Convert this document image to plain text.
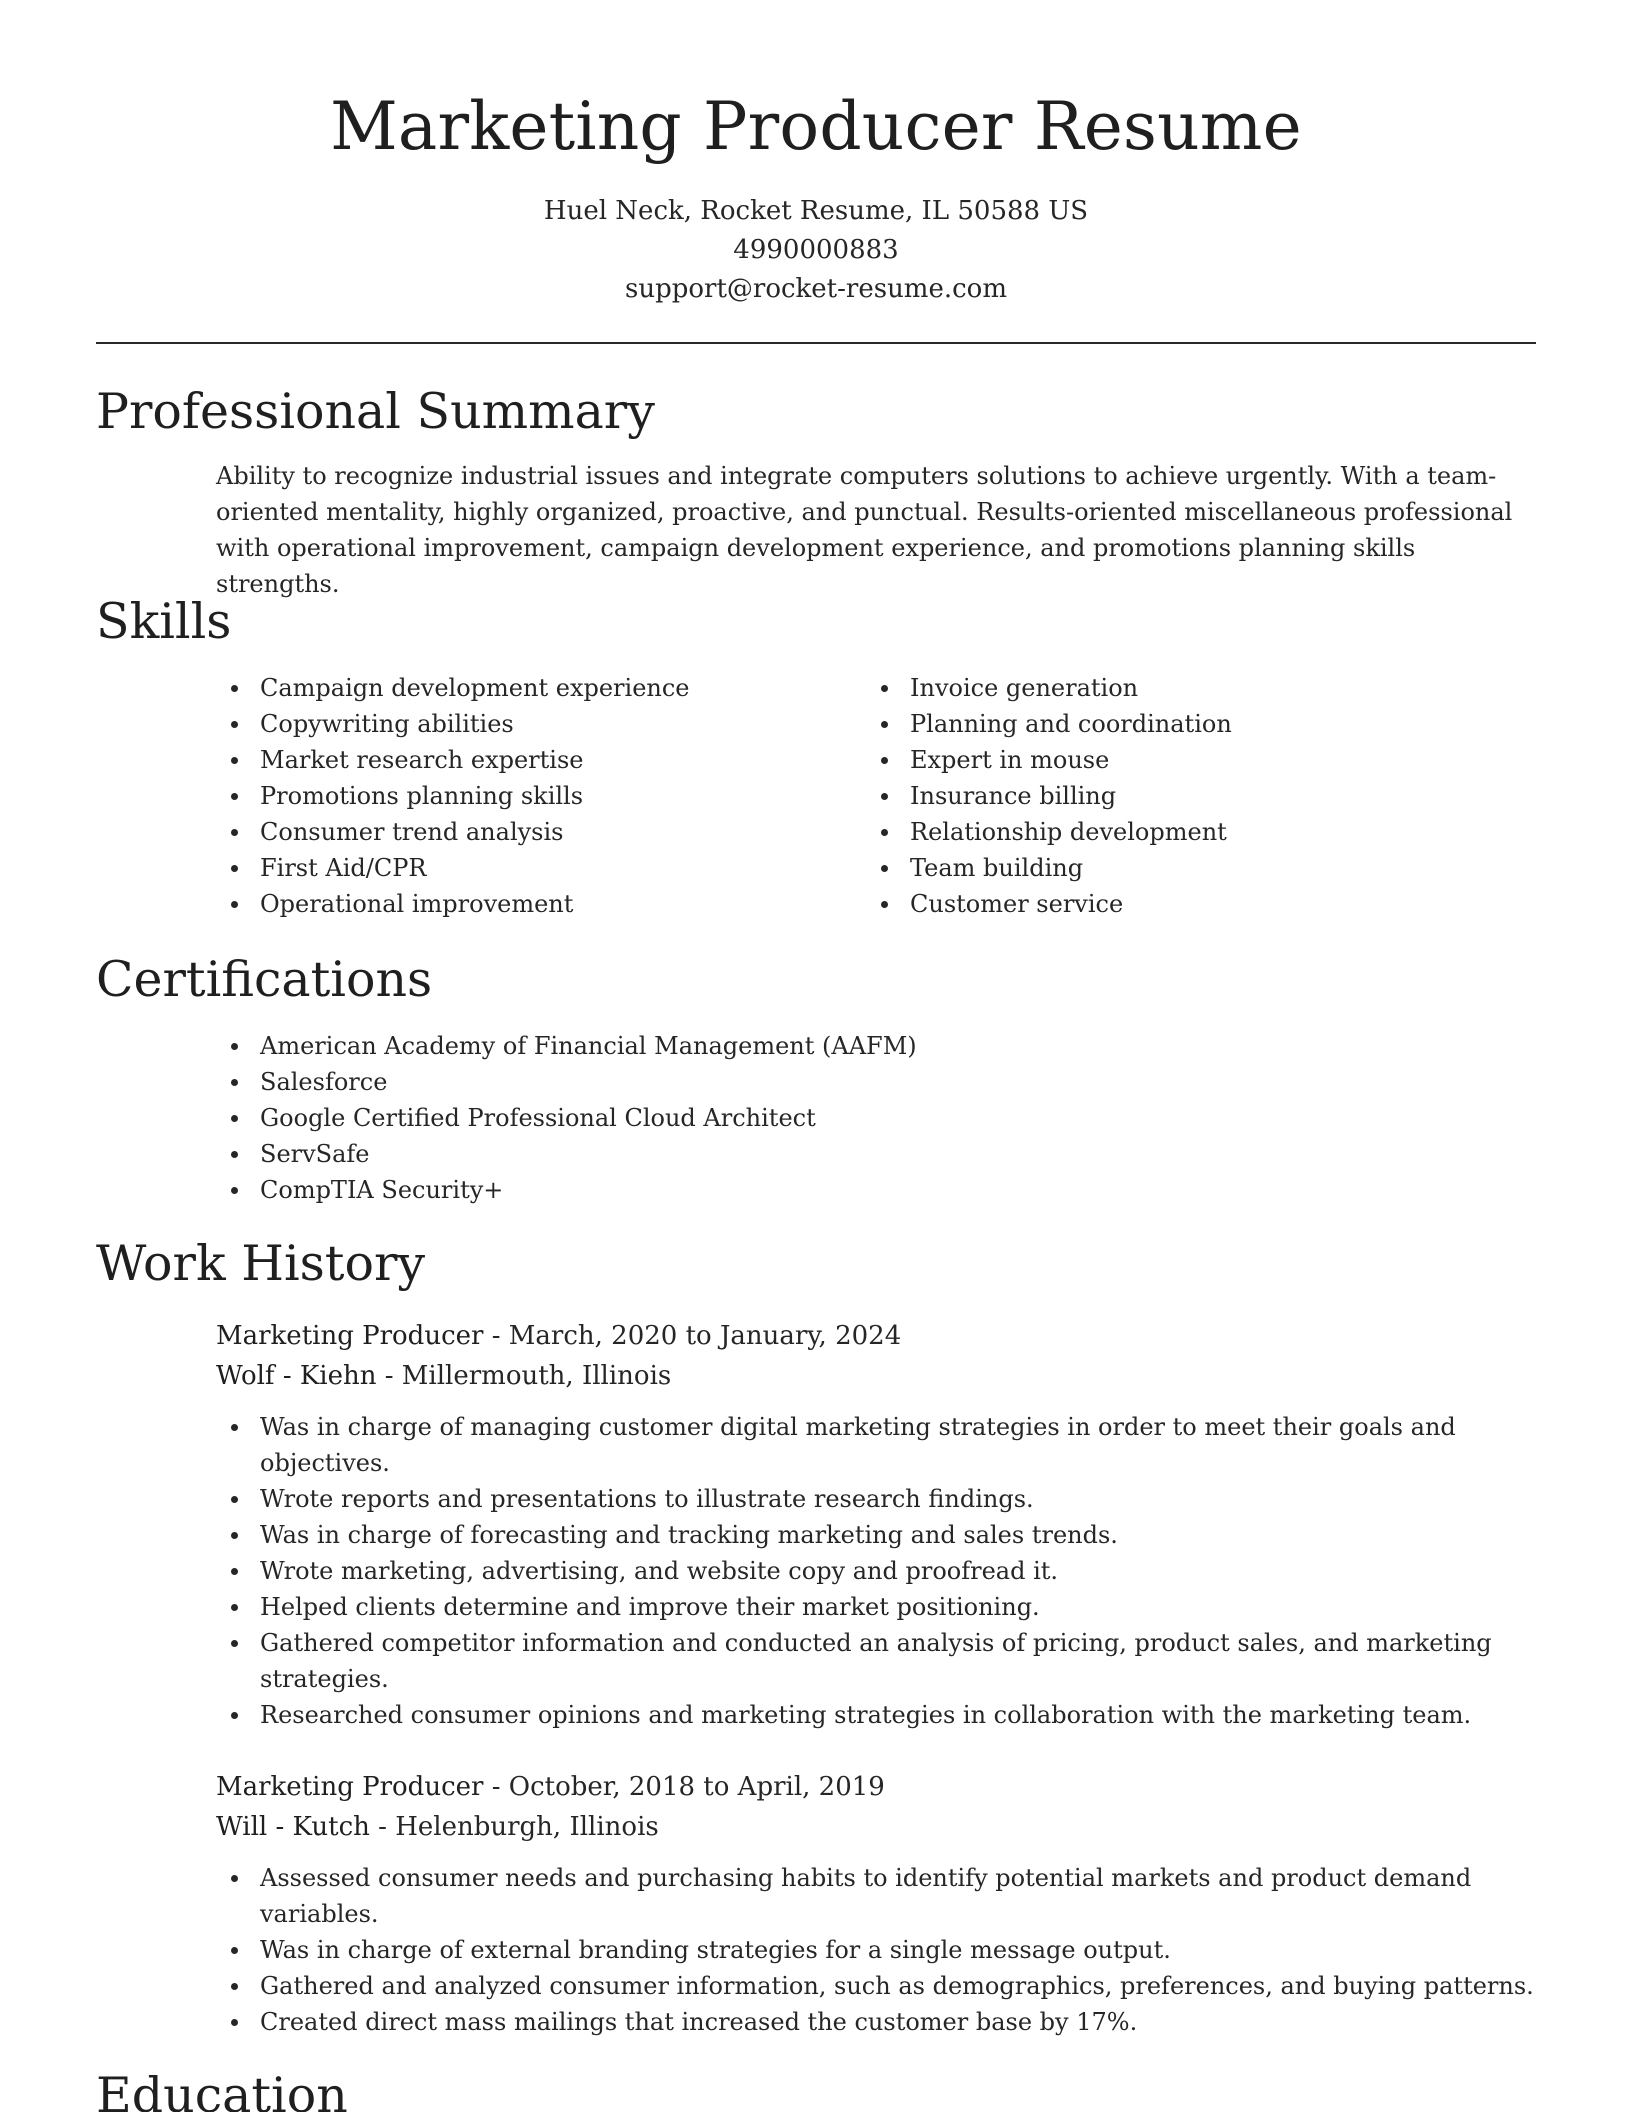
Marketing Producer Resume
Huel Neck, Rocket Resume, IL 50588 US
4990000883
support@rocket-resume.com
Professional Summary

Ability to recognize industrial issues and integrate computers solutions to achieve urgently. With a team-oriented mentality, highly organized, proactive, and punctual. Results-oriented miscellaneous professional with operational improvement, campaign development experience, and promotions planning skills strengths.

Skills
Campaign development experience
Copywriting abilities
Market research expertise
Promotions planning skills
Consumer trend analysis
First Aid/CPR
Operational improvement
Invoice generation
Planning and coordination
Expert in mouse
Insurance billing
Relationship development
Team building
Customer service
Certifications
American Academy of Financial Management (AAFM)
Salesforce
Google Certified Professional Cloud Architect
ServSafe
CompTIA Security+
Work History
Marketing Producer - March, 2020 to January, 2024
Wolf - Kiehn - Millermouth, Illinois
Was in charge of managing customer digital marketing strategies in order to meet their goals and objectives.
Wrote reports and presentations to illustrate research findings.
Was in charge of forecasting and tracking marketing and sales trends.
Wrote marketing, advertising, and website copy and proofread it.
Helped clients determine and improve their market positioning.
Gathered competitor information and conducted an analysis of pricing, product sales, and marketing strategies.
Researched consumer opinions and marketing strategies in collaboration with the marketing team.
Marketing Producer - October, 2018 to April, 2019
Will - Kutch - Helenburgh, Illinois
Assessed consumer needs and purchasing habits to identify potential markets and product demand variables.
Was in charge of external branding strategies for a single message output.
Gathered and analyzed consumer information, such as demographics, preferences, and buying patterns.
Created direct mass mailings that increased the customer base by 17%.
Education
